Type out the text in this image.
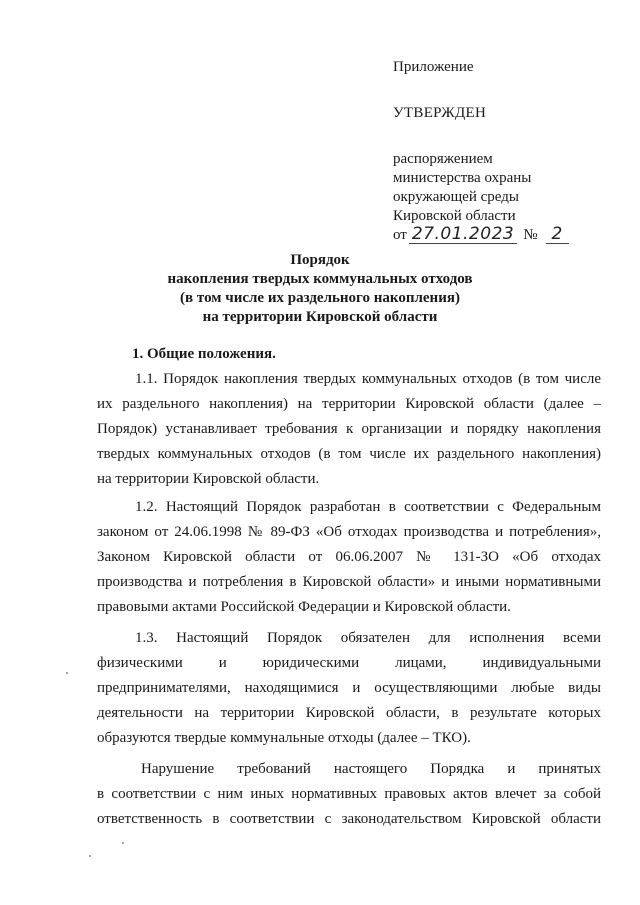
Приложение
УТВЕРЖДЕН
распоряжением
министерства охраны
окружающей среды
Кировской области
от 27.01.2023 № 2
Порядок
накопления твердых коммунальных отходов
(в том числе их раздельного накопления)
на территории Кировской области
1. Общие положения.
1.1. Порядок накопления твердых коммунальных отходов (в том числе
их раздельного накопления) на территории Кировской области (далее –
Порядок) устанавливает требования к организации и порядку накопления
твердых коммунальных отходов (в том числе их раздельного накопления)
на территории Кировской области.
1.2. Настоящий Порядок разработан в соответствии с Федеральным
законом от 24.06.1998 № 89-ФЗ «Об отходах производства и потребления»,
Законом Кировской области от 06.06.2007 № 131-ЗО «Об отходах
производства и потребления в Кировской области» и иными нормативными
правовыми актами Российской Федерации и Кировской области.
1.3. Настоящий Порядок обязателен для исполнения всеми
физическими и юридическими лицами, индивидуальными
предпринимателями, находящимися и осуществляющими любые виды
деятельности на территории Кировской области, в результате которых
образуются твердые коммунальные отходы (далее – ТКО).
Нарушение требований настоящего Порядка и принятых
в соответствии с ним иных нормативных правовых актов влечет за собой
ответственность в соответствии с законодательством Кировской области
